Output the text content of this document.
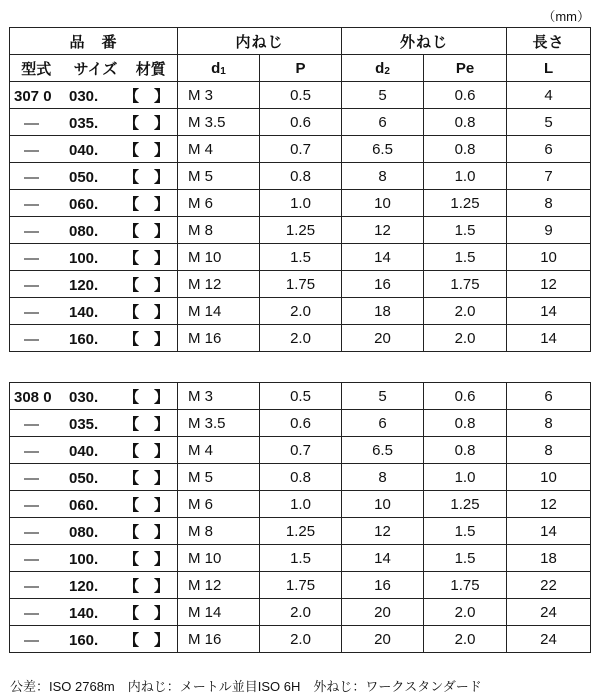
（mm）
品　番	内ねじ		外ねじ		長さ
型式 サイズ 材質	$d_1$	P	$d_2$	Pe	L
307 0 030. 【　】	M 3	0.5	5	0.6	4
— 035. 【　】	M 3.5	0.6	6	0.8	5
— 040. 【　】	M 4	0.7	6.5	0.8	6
— 050. 【　】	M 5	0.8	8	1.0	7
— 060. 【　】	M 6	1.0	10	1.25	8
— 080. 【　】	M 8	1.25	12	1.5	9
— 100. 【　】	M 10	1.5	14	1.5	10
— 120. 【　】	M 12	1.75	16	1.75	12
— 140. 【　】	M 14	2.0	18	2.0	14
— 160. 【　】	M 16	2.0	20	2.0	14
308 0 030. 【　】	M 3	0.5	5	0.6	6
— 035. 【　】	M 3.5	0.6	6	0.8	8
— 040. 【　】	M 4	0.7	6.5	0.8	8
— 050. 【　】	M 5	0.8	8	1.0	10
— 060. 【　】	M 6	1.0	10	1.25	12
— 080. 【　】	M 8	1.25	12	1.5	14
— 100. 【　】	M 10	1.5	14	1.5	18
— 120. 【　】	M 12	1.75	16	1.75	22
— 140. 【　】	M 14	2.0	20	2.0	24
— 160. 【　】	M 16	2.0	20	2.0	24
公差：ISO 2768m　内ねじ：メートル並目ISO 6H　外ねじ：ワークスタンダード
